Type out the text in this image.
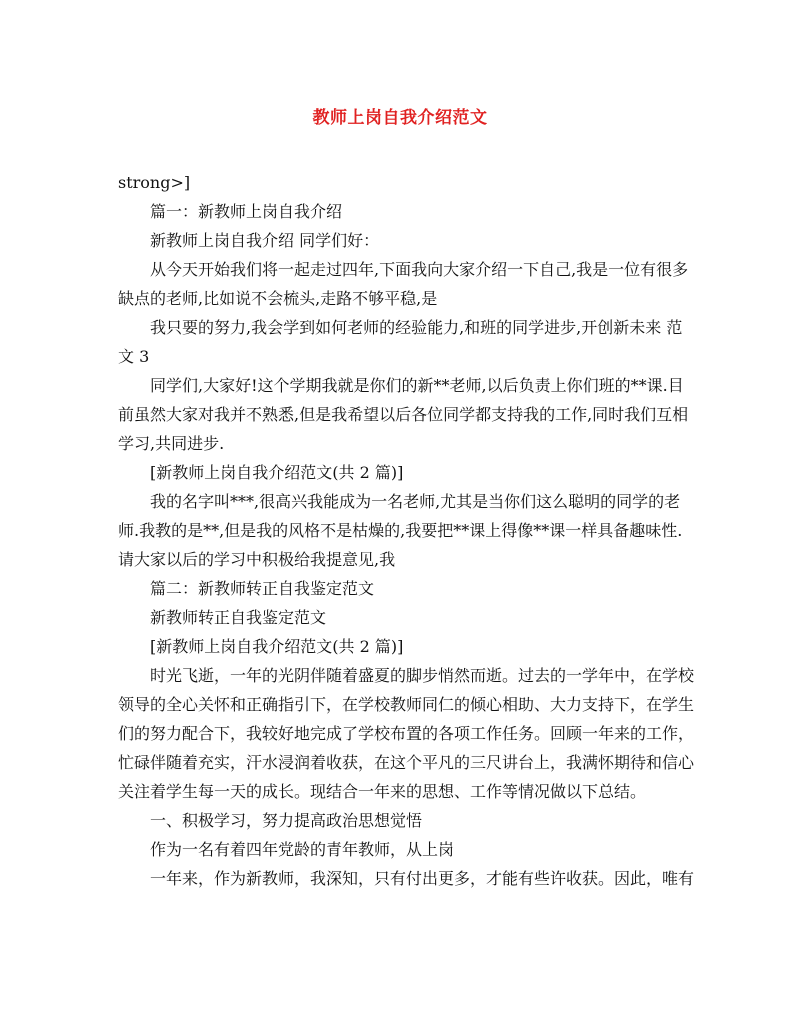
教师上岗自我介绍范文

strong>]

篇一：新教师上岗自我介绍

新教师上岗自我介绍 同学们好：

从今天开始我们将一起走过四年,下面我向大家介绍一下自己,我是一位有很多

缺点的老师,比如说不会梳头,走路不够平稳,是

我只要的努力,我会学到如何老师的经验能力,和班的同学进步,开创新未来 范

文 3

同学们,大家好!这个学期我就是你们的新**老师,以后负责上你们班的**课.目

前虽然大家对我并不熟悉,但是我希望以后各位同学都支持我的工作,同时我们互相

学习,共同进步.

[新教师上岗自我介绍范文(共 2 篇)]

我的名字叫***,很高兴我能成为一名老师,尤其是当你们这么聪明的同学的老

师.我教的是**,但是我的风格不是枯燥的,我要把**课上得像**课一样具备趣味性.

请大家以后的学习中积极给我提意见,我

篇二：新教师转正自我鉴定范文

新教师转正自我鉴定范文

[新教师上岗自我介绍范文(共 2 篇)]

时光飞逝，一年的光阴伴随着盛夏的脚步悄然而逝。过去的一学年中，在学校

领导的全心关怀和正确指引下，在学校教师同仁的倾心相助、大力支持下，在学生

们的努力配合下，我较好地完成了学校布置的各项工作任务。回顾一年来的工作，

忙碌伴随着充实，汗水浸润着收获，在这个平凡的三尺讲台上，我满怀期待和信心

关注着学生每一天的成长。现结合一年来的思想、工作等情况做以下总结。

一、积极学习，努力提高政治思想觉悟

作为一名有着四年党龄的青年教师，从上岗

一年来，作为新教师，我深知，只有付出更多，才能有些许收获。因此，唯有
